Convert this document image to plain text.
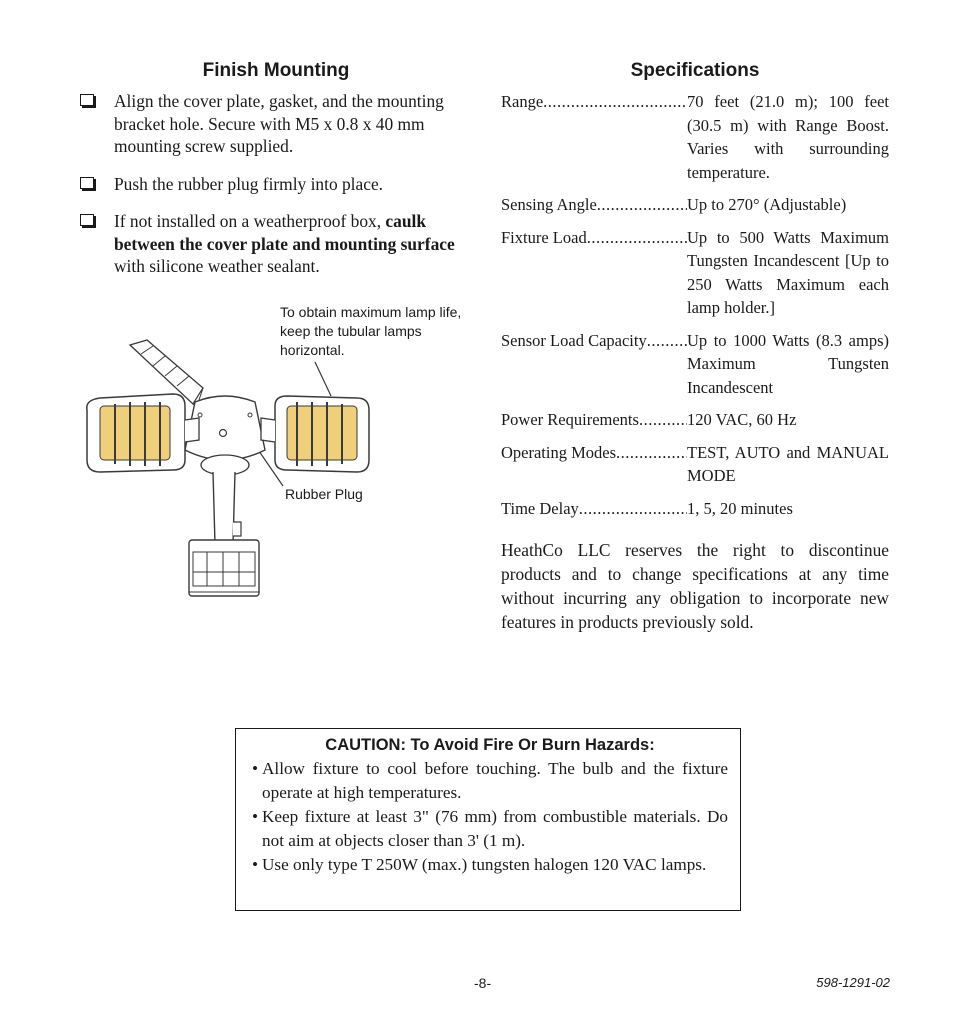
Finish Mounting
Align the cover plate, gasket, and the mounting bracket hole. Secure with M5 x 0.8 x 40 mm mounting screw supplied.
Push the rubber plug firmly into place.
If not installed on a weatherproof box, caulk between the cover plate and mounting surface with silicone weather sealant.
To obtain maximum lamp life, keep the tubular lamps horizontal.
Rubber Plug
Specifications
Range .....	70 feet (21.0 m); 100 feet (30.5 m) with Range Boost. Varies with surrounding temperature.
Sensing Angle .....	Up to 270° (Adjustable)
Fixture Load .....	Up to 500 Watts Maximum Tungsten Incandescent [Up to 250 Watts Maximum each lamp holder.]
Sensor Load Capacity ..... Up to 1000 Watts (8.3 amps) Maximum Tungsten Incandescent
Power Requirements .....	120 VAC, 60 Hz
Operating Modes .....	TEST, AUTO and MANUAL MODE
Time Delay .....	1, 5, 20 minutes

HeathCo LLC reserves the right to discontinue products and to change specifications at any time without incurring any obligation to incorporate new features in products previously sold.

CAUTION: To Avoid Fire Or Burn Hazards:
• Allow fixture to cool before touching. The bulb and the fixture operate at high temperatures.
• Keep fixture at least 3" (76 mm) from combustible materials. Do not aim at objects closer than 3' (1 m).
• Use only type T 250W (max.) tungsten halogen 120 VAC lamps.
-8-	598-1291-02
